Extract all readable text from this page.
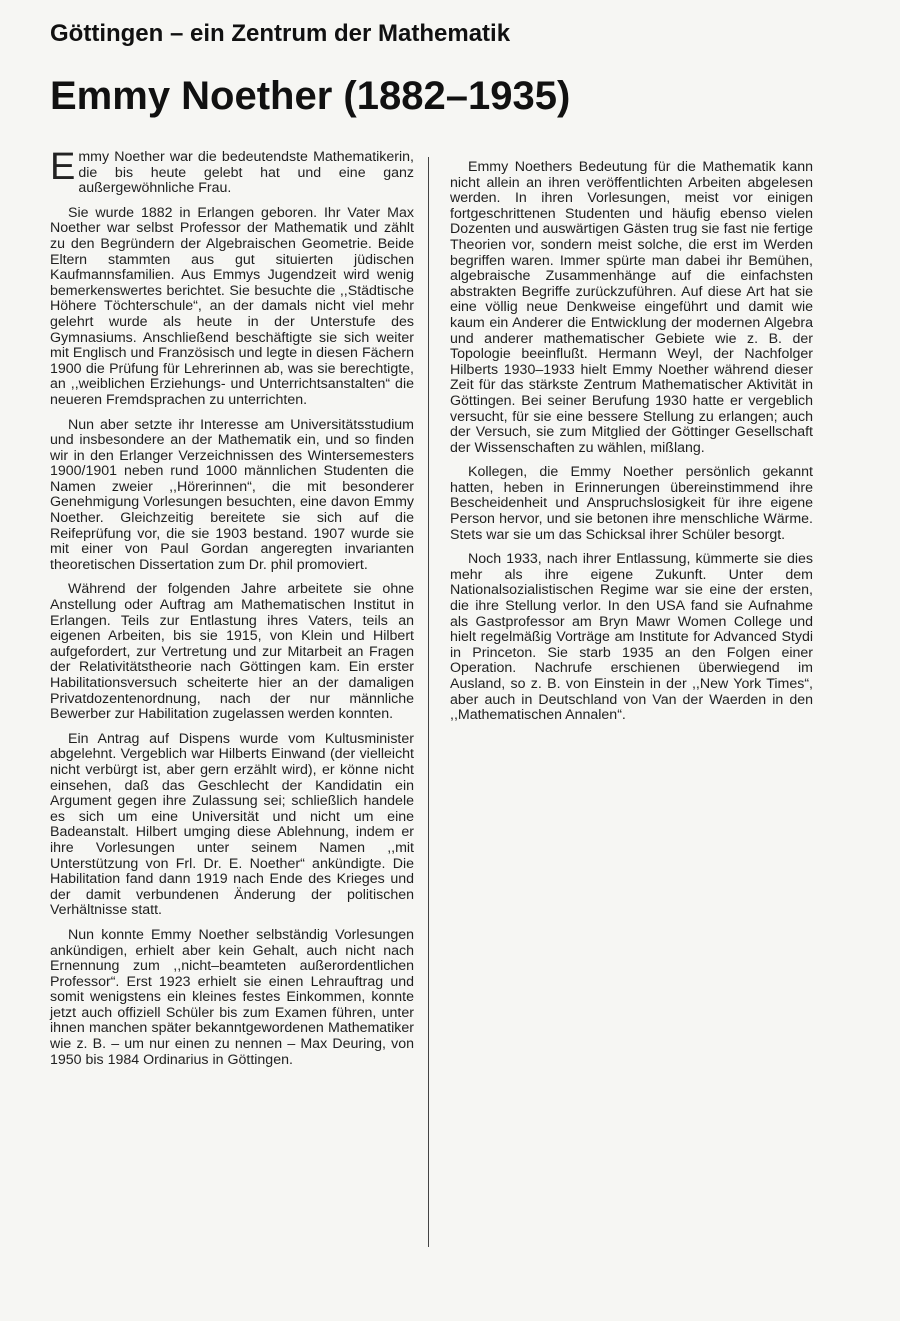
Göttingen – ein Zentrum der Mathematik
Emmy Noether (1882–1935)

Emmy Noether war die bedeutendste Mathematikerin, die bis heute gelebt hat und eine ganz außergewöhnliche Frau.

Sie wurde 1882 in Erlangen geboren. Ihr Vater Max Noether war selbst Professor der Mathematik und zählt zu den Begründern der Algebraischen Geometrie. Beide Eltern stammten aus gut situierten jüdischen Kaufmannsfamilien. Aus Emmys Jugendzeit wird wenig bemerkenswertes berichtet. Sie besuchte die ,,Städtische Höhere Töchterschule“, an der damals nicht viel mehr gelehrt wurde als heute in der Unterstufe des Gymnasiums. Anschließend beschäftigte sie sich weiter mit Englisch und Französisch und legte in diesen Fächern 1900 die Prüfung für Lehrerinnen ab, was sie berechtigte, an ,,weiblichen Erziehungs- und Unterrichtsanstalten“ die neueren Fremdsprachen zu unterrichten.

Nun aber setzte ihr Interesse am Universitätsstudium und insbesondere an der Mathematik ein, und so finden wir in den Erlanger Verzeichnissen des Wintersemesters 1900/1901 neben rund 1000 männlichen Studenten die Namen zweier ,,Hörerinnen“, die mit besonderer Genehmigung Vorlesungen besuchten, eine davon Emmy Noether. Gleichzeitig bereitete sie sich auf die Reifeprüfung vor, die sie 1903 bestand. 1907 wurde sie mit einer von Paul Gordan angeregten invarianten theoretischen Dissertation zum Dr. phil promoviert.

Während der folgenden Jahre arbeitete sie ohne Anstellung oder Auftrag am Mathematischen Institut in Erlangen. Teils zur Entlastung ihres Vaters, teils an eigenen Arbeiten, bis sie 1915, von Klein und Hilbert aufgefordert, zur Vertretung und zur Mitarbeit an Fragen der Relativitätstheorie nach Göttingen kam. Ein erster Habilitationsversuch scheiterte hier an der damaligen Privatdozentenordnung, nach der nur männliche Bewerber zur Habilitation zugelassen werden konnten.

Ein Antrag auf Dispens wurde vom Kultusminister abgelehnt. Vergeblich war Hilberts Einwand (der vielleicht nicht verbürgt ist, aber gern erzählt wird), er könne nicht einsehen, daß das Geschlecht der Kandidatin ein Argument gegen ihre Zulassung sei; schließlich handele es sich um eine Universität und nicht um eine Badeanstalt. Hilbert umging diese Ablehnung, indem er ihre Vorlesungen unter seinem Namen ,,mit Unterstützung von Frl. Dr. E. Noether“ ankündigte. Die Habilitation fand dann 1919 nach Ende des Krieges und der damit verbundenen Änderung der politischen Verhältnisse statt.

Nun konnte Emmy Noether selbständig Vorlesungen ankündigen, erhielt aber kein Gehalt, auch nicht nach Ernennung zum ,,nicht–beamteten außerordentlichen Professor“. Erst 1923 erhielt sie einen Lehrauftrag und somit wenigstens ein kleines festes Einkommen, konnte jetzt auch offiziell Schüler bis zum Examen führen, unter ihnen manchen später bekanntgewordenen Mathematiker wie z. B. – um nur einen zu nennen – Max Deuring, von 1950 bis 1984 Ordinarius in Göttingen.

Emmy Noethers Bedeutung für die Mathematik kann nicht allein an ihren veröffentlichten Arbeiten abgelesen werden. In ihren Vorlesungen, meist vor einigen fortgeschrittenen Studenten und häufig ebenso vielen Dozenten und auswärtigen Gästen trug sie fast nie fertige Theorien vor, sondern meist solche, die erst im Werden begriffen waren. Immer spürte man dabei ihr Bemühen, algebraische Zusammenhänge auf die einfachsten abstrakten Begriffe zurückzuführen. Auf diese Art hat sie eine völlig neue Denkweise eingeführt und damit wie kaum ein Anderer die Entwicklung der modernen Algebra und anderer mathematischer Gebiete wie z. B. der Topologie beeinflußt. Hermann Weyl, der Nachfolger Hilberts 1930–1933 hielt Emmy Noether während dieser Zeit für das stärkste Zentrum Mathematischer Aktivität in Göttingen. Bei seiner Berufung 1930 hatte er vergeblich versucht, für sie eine bessere Stellung zu erlangen; auch der Versuch, sie zum Mitglied der Göttinger Gesellschaft der Wissenschaften zu wählen, mißlang.

Kollegen, die Emmy Noether persönlich gekannt hatten, heben in Erinnerungen übereinstimmend ihre Bescheidenheit und Anspruchslosigkeit für ihre eigene Person hervor, und sie betonen ihre menschliche Wärme. Stets war sie um das Schicksal ihrer Schüler besorgt.

Noch 1933, nach ihrer Entlassung, kümmerte sie dies mehr als ihre eigene Zukunft. Unter dem Nationalsozialistischen Regime war sie eine der ersten, die ihre Stellung verlor. In den USA fand sie Aufnahme als Gastprofessor am Bryn Mawr Women College und hielt regelmäßig Vorträge am Institute for Advanced Stydi in Princeton. Sie starb 1935 an den Folgen einer Operation. Nachrufe erschienen überwiegend im Ausland, so z. B. von Einstein in der ,,New York Times“, aber auch in Deutschland von Van der Waerden in den ,,Mathematischen Annalen“.
